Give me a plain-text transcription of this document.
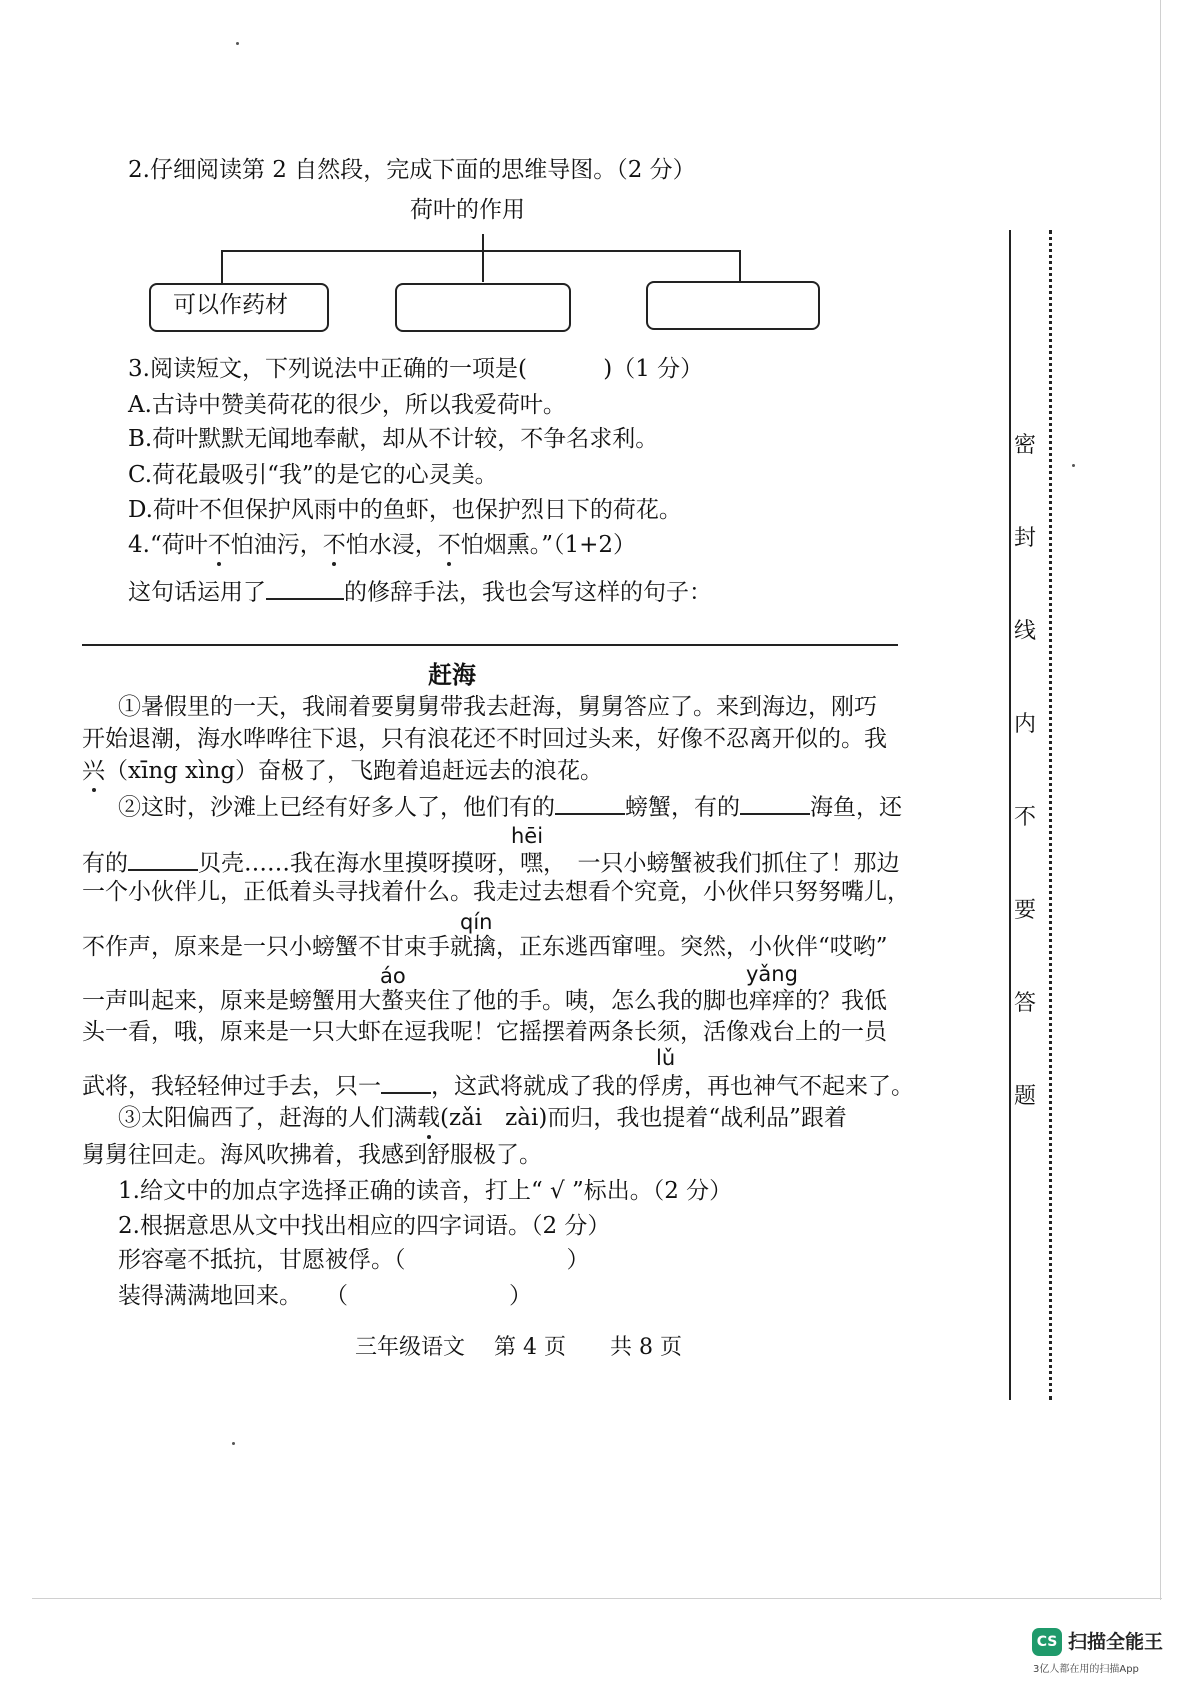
2.仔细阅读第 2 自然段，完成下面的思维导图。（2 分）
荷叶的作用
可以作药材
3.阅读短文，下列说法中正确的一项是(　　　 )（1 分）
A.古诗中赞美荷花的很少，所以我爱荷叶。
B.荷叶默默无闻地奉献，却从不计较，不争名求利。
C.荷花最吸引“我”的是它的心灵美。
D.荷叶不但保护风雨中的鱼虾，也保护烈日下的荷花。
4.“荷叶不怕油污，不怕水浸，不怕烟熏。”（1+2）
这句话运用了	的修辞手法，我也会写这样的句子：
赶海
①暑假里的一天，我闹着要舅舅带我去赶海，舅舅答应了。来到海边，刚巧
开始退潮，海水哗哗往下退，只有浪花还不时回过头来，好像不忍离开似的。我
兴（xīng xìng）奋极了，飞跑着追赶远去的浪花。
②这时，沙滩上已经有好多人了，他们有的	螃蟹，有的	海鱼，还
hēi
有的	贝壳……我在海水里摸呀摸呀，嘿，　一只小螃蟹被我们抓住了！那边
一个小伙伴儿，正低着头寻找着什么。我走过去想看个究竟，小伙伴只努努嘴儿，
qín
不作声，原来是一只小螃蟹不甘束手就擒，正东逃西窜哩。突然，小伙伴“哎哟”
áo	yǎng
一声叫起来，原来是螃蟹用大螯夹住了他的手。咦，怎么我的脚也痒痒的？我低
头一看，哦，原来是一只大虾在逗我呢！它摇摆着两条长须，活像戏台上的一员
lǔ
武将，我轻轻伸过手去，只一 ，这武将就成了我的俘虏，再也神气不起来了。
③太阳偏西了，赶海的人们满载(zǎi　zài)而归，我也提着“战利品”跟着
舅舅往回走。海风吹拂着，我感到舒服极了。
1.给文中的加点字选择正确的读音，打上“ √ ”标出。（2 分）
2.根据意思从文中找出相应的四字词语。（2 分）
形容毫不抵抗，甘愿被俘。（　　　　　　　）
装得满满地回来。　　（　　　　　　　）
三年级语文　 第 4 页　　共 8 页
密
封
线
内
不
要
答
题
CS 扫描全能王
3亿人都在用的扫描App
